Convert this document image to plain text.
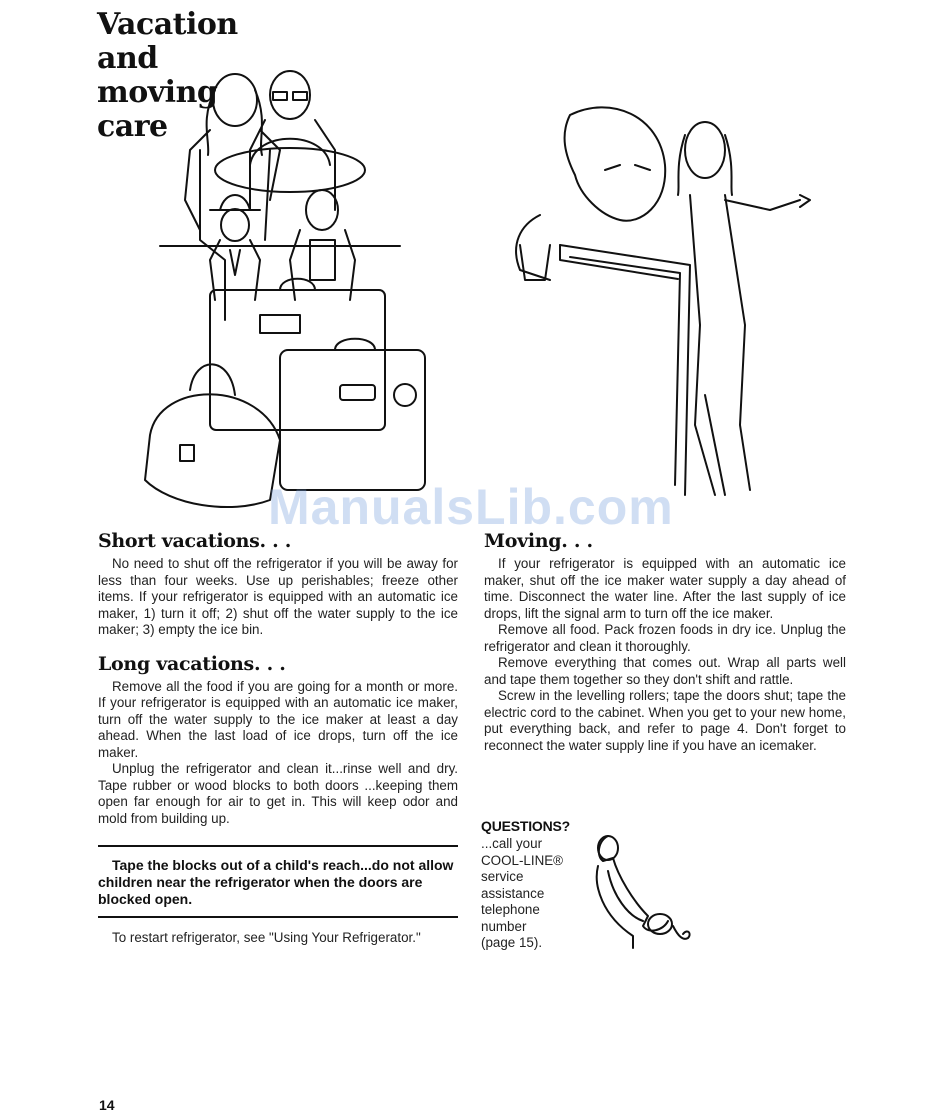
Vacation
and
moving
care
ManualsLib.com
Short vacations. . .

No need to shut off the refrigerator if you will be away for less than four weeks. Use up perishables; freeze other items. If your refrigerator is equipped with an automatic ice maker, 1) turn it off; 2) shut off the water supply to the ice maker; 3) empty the ice bin.

Long vacations. . .

Remove all the food if you are going for a month or more. If your refrigerator is equipped with an automatic ice maker, turn off the water supply to the ice maker at least a day ahead. When the last load of ice drops, turn off the ice maker.

Unplug the refrigerator and clean it...rinse well and dry. Tape rubber or wood blocks to both doors ...keeping them open far enough for air to get in. This will keep odor and mold from building up.

Tape the blocks out of a child's reach...do not allow children near the refrigerator when the doors are blocked open.

To restart refrigerator, see "Using Your Refrigerator."

Moving. . .

If your refrigerator is equipped with an automatic ice maker, shut off the ice maker water supply a day ahead of time. Disconnect the water line. After the last supply of ice drops, lift the signal arm to turn off the ice maker.

Remove all food. Pack frozen foods in dry ice. Unplug the refrigerator and clean it thoroughly.

Remove everything that comes out. Wrap all parts well and tape them together so they don't shift and rattle.

Screw in the levelling rollers; tape the doors shut; tape the electric cord to the cabinet. When you get to your new home, put everything back, and refer to page 4. Don't forget to reconnect the water supply line if you have an icemaker.

QUESTIONS?
...call your
COOL-LINE®
service
assistance
telephone
number
(page 15).
14
